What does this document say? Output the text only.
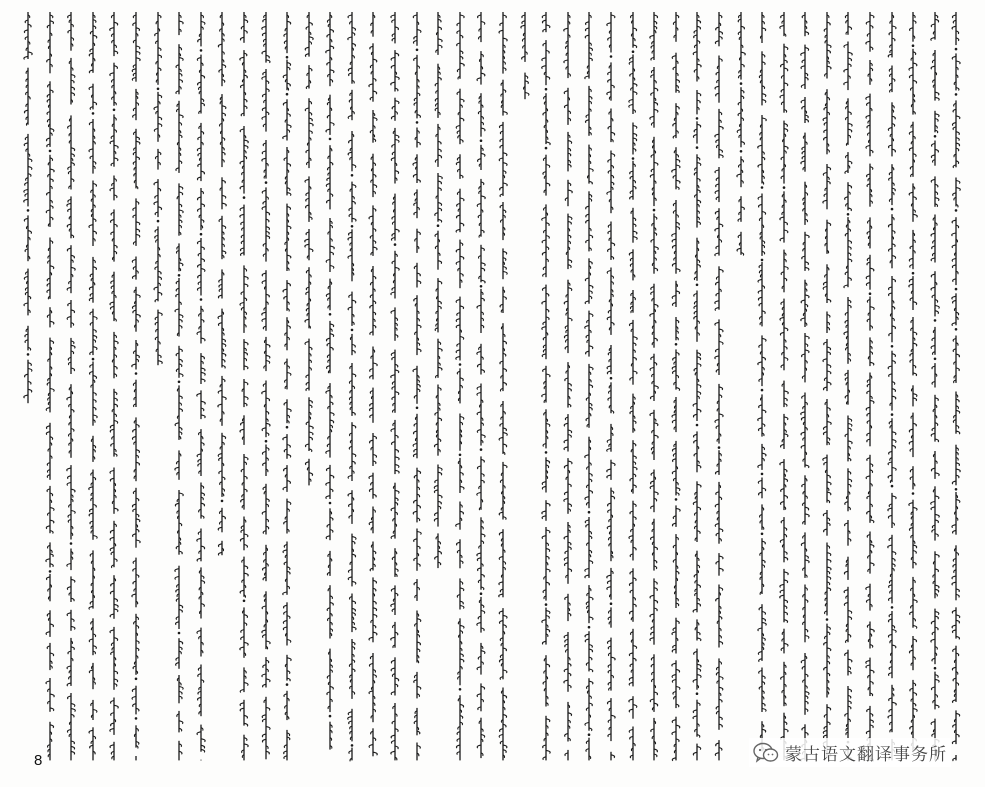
8	蒙古语文翻译事务所
